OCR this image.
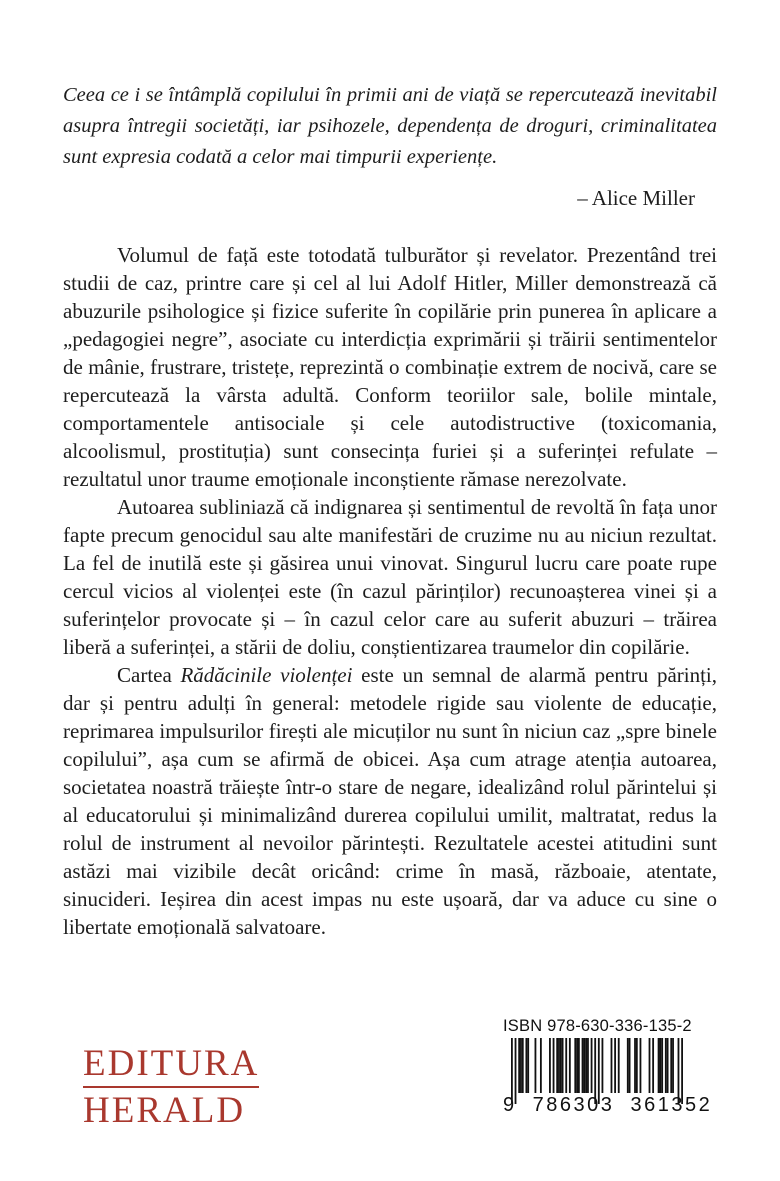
Ceea ce i se întâmplă copilului în primii ani de viață se repercutează inevitabil asupra întregii societăți, iar psihozele, dependența de droguri, criminalitatea sunt expresia codată a celor mai timpurii experiențe.

– Alice Miller

Volumul de față este totodată tulburător și revelator. Prezentând trei studii de caz, printre care și cel al lui Adolf Hitler, Miller demonstrează că abuzurile psihologice și fizice suferite în copilărie prin punerea în aplicare a „pedagogiei negre”, asociate cu interdicția exprimării și trăirii sentimentelor de mânie, frustrare, tristețe, reprezintă o combinație extrem de nocivă, care se repercutează la vârsta adultă. Conform teoriilor sale, bolile mintale, comportamentele antisociale și cele autodistructive (toxicomania, alcoolismul, prostituția) sunt consecința furiei și a suferinței refulate – rezultatul unor traume emoționale inconștiente rămase nerezolvate.

Autoarea subliniază că indignarea și sentimentul de revoltă în fața unor fapte precum genocidul sau alte manifestări de cruzime nu au niciun rezultat. La fel de inutilă este și găsirea unui vinovat. Singurul lucru care poate rupe cercul vicios al violenței este (în cazul părinților) recunoașterea vinei și a suferințelor provocate și – în cazul celor care au suferit abuzuri – trăirea liberă a suferinței, a stării de doliu, conștientizarea traumelor din copilărie.

Cartea Rădăcinile violenței este un semnal de alarmă pentru părinți, dar și pentru adulți în general: metodele rigide sau violente de educație, reprimarea impulsurilor firești ale micuților nu sunt în niciun caz „spre binele copilului”, așa cum se afirmă de obicei. Așa cum atrage atenția autoarea, societatea noastră trăiește într-o stare de negare, idealizând rolul părintelui și al educatorului și minimalizând durerea copilului umilit, maltratat, redus la rolul de instrument al nevoilor părintești. Rezultatele acestei atitudini sunt astăzi mai vizibile decât oricând: crime în masă, războaie, atentate, sinucideri. Ieșirea din acest impas nu este ușoară, dar va aduce cu sine o libertate emoțională salvatoare.

EDITURA
HERALD
ISBN 978-630-336-135-2
9 786303 361352
